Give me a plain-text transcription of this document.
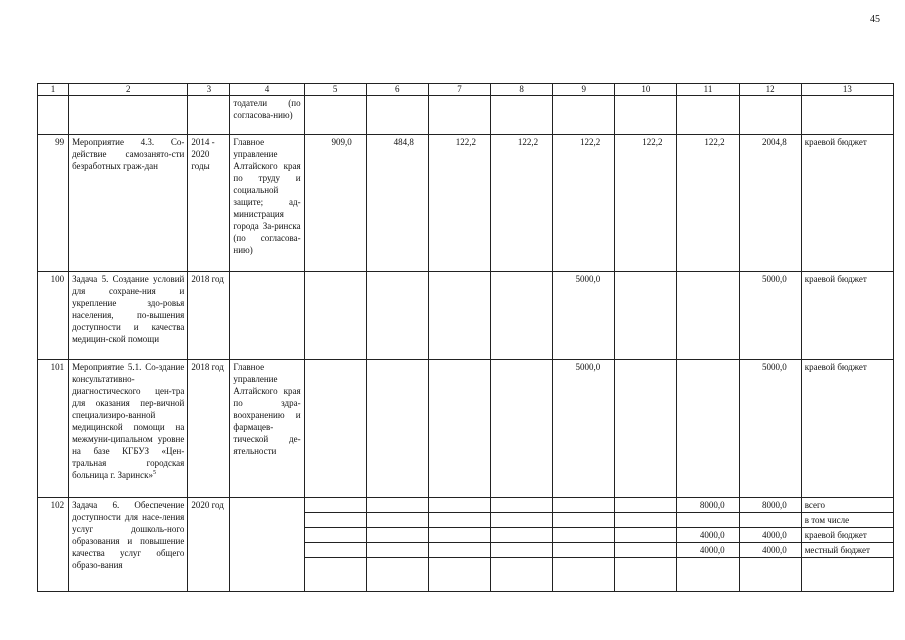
45
1	2	3	4	5	6	7	8	9	10	11	12	13
			тодатели (по согласова-нию)									
99	Мероприятие 4.3. Со-действие самозанято-сти безработных граж-дан	2014 - 2020 годы	Главное управление Алтайского края по труду и социальной защите; ад-министрация города За-ринска (по согласова-нию)	909,0	484,8	122,2	122,2	122,2	122,2	122,2	2004,8	краевой бюджет
100	Задача 5. Создание условий для сохране-ния и укрепление здо-ровья населения, по-вышения доступности и качества медицин-ской помощи	2018 год						5000,0			5000,0	краевой бюджет
101	Мероприятие 5.1. Со-здание консультативно-диагностического цен-тра для оказания пер-вичной специализиро-ванной медицинской помощи на межмуни-ципальном уровне на базе КГБУЗ «Цен-тральная городская больница г. Заринск»$^5$	2018 год	Главное управление Алтайского края по здра-воохранению и фармацев-тической де-ятельности					5000,0			5000,0	краевой бюджет
102	Задача 6. Обеспечение доступности для насе-ления услуг дошколь-ного образования и повышение качества услуг общего образо-вания	2020 год								8000,0	8000,0	всего
												в том числе
										4000,0	4000,0	краевой бюджет
										4000,0	4000,0	местный бюджет
